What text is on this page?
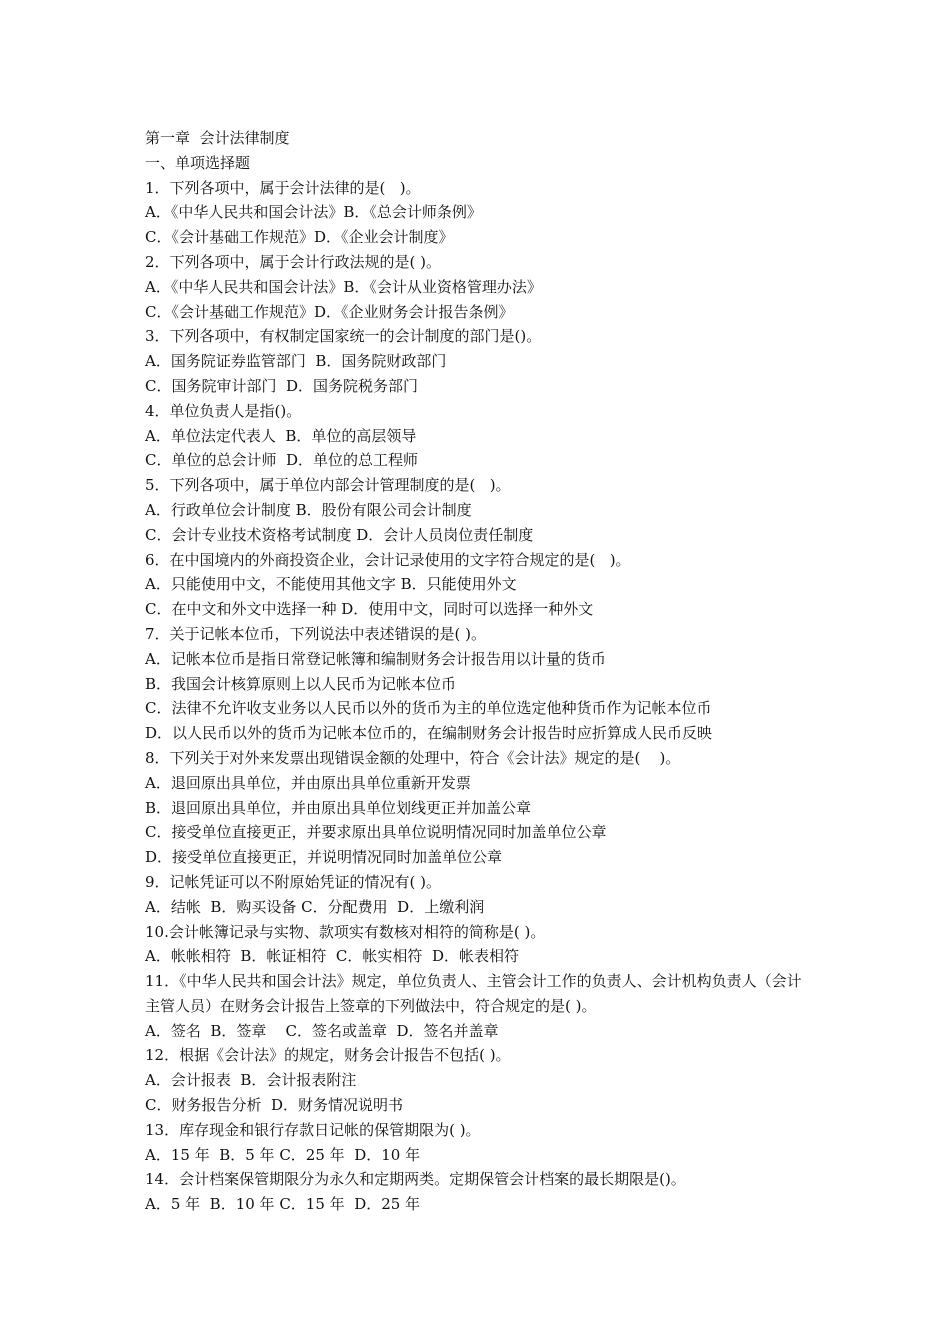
第一章  会计法律制度
一、单项选择题
1．下列各项中，属于会计法律的是(   )。
A．《中华人民共和国会计法》B．《总会计师条例》
C．《会计基础工作规范》D．《企业会计制度》
2．下列各项中，属于会计行政法规的是( )。
A．《中华人民共和国会计法》B．《会计从业资格管理办法》
C．《会计基础工作规范》D．《企业财务会计报告条例》
3．下列各项中，有权制定国家统一的会计制度的部门是()。
A．国务院证券监管部门  B．国务院财政部门
C．国务院审计部门  D．国务院税务部门
4．单位负责人是指()。
A．单位法定代表人  B．单位的高层领导
C．单位的总会计师  D．单位的总工程师
5．下列各项中，属于单位内部会计管理制度的是(   )。
A．行政单位会计制度 B．股份有限公司会计制度
C．会计专业技术资格考试制度 D．会计人员岗位责任制度
6．在中国境内的外商投资企业，会计记录使用的文字符合规定的是(   )。
A．只能使用中文，不能使用其他文字 B．只能使用外文
C．在中文和外文中选择一种 D．使用中文，同时可以选择一种外文
7．关于记帐本位币，下列说法中表述错误的是( )。
A．记帐本位币是指日常登记帐簿和编制财务会计报告用以计量的货币
B．我国会计核算原则上以人民币为记帐本位币
C．法律不允许收支业务以人民币以外的货币为主的单位选定他种货币作为记帐本位币
D．以人民币以外的货币为记帐本位币的，在编制财务会计报告时应折算成人民币反映
8．下列关于对外来发票出现错误金额的处理中，符合《会计法》规定的是(    )。
A．退回原出具单位，并由原出具单位重新开发票
B．退回原出具单位，并由原出具单位划线更正并加盖公章
C．接受单位直接更正，并要求原出具单位说明情况同时加盖单位公章
D．接受单位直接更正，并说明情况同时加盖单位公章
9．记帐凭证可以不附原始凭证的情况有( )。
A．结帐  B．购买设备 C．分配费用  D．上缴利润
10.会计帐簿记录与实物、款项实有数核对相符的简称是( )。
A．帐帐相符  B．帐证相符  C．帐实相符  D．帐表相符
11．《中华人民共和国会计法》规定，单位负责人、主管会计工作的负责人、会计机构负责人（会计主管人员）在财务会计报告上签章的下列做法中，符合规定的是( )。
A．签名  B．签章    C．签名或盖章  D．签名并盖章
12．根据《会计法》的规定，财务会计报告不包括( )。
A．会计报表  B．会计报表附注
C．财务报告分析  D．财务情况说明书
13．库存现金和银行存款日记帐的保管期限为( )。
A．15 年  B．5 年 C．25 年  D．10 年
14．会计档案保管期限分为永久和定期两类。定期保管会计档案的最长期限是()。
A．5 年  B．10 年 C．15 年  D．25 年
